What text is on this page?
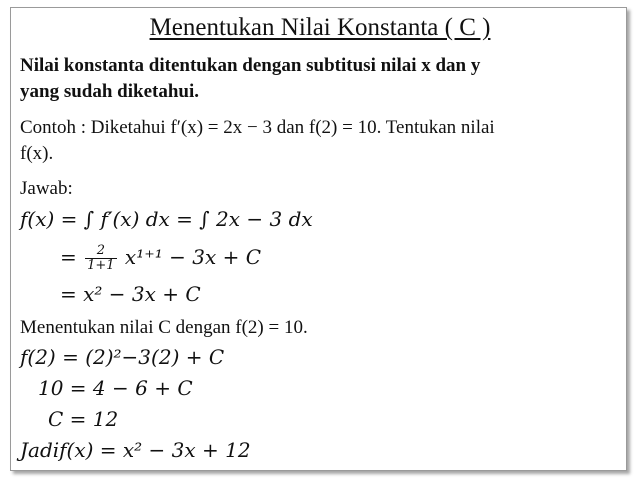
Menentukan Nilai Konstanta ( C )
Nilai konstanta ditentukan dengan subtitusi nilai x dan y
yang sudah diketahui.
Contoh : Diketahui f′(x) = 2x − 3 dan f(2) = 10. Tentukan nilai
f(x).
Jawab:
f(x) = ∫ f′(x) dx = ∫ 2x − 3 dx
= $\frac{2}{1+1} x^{1+1} - 3x + C$
= x² − 3x + C
Menentukan nilai C dengan f(2) = 10.
f(2) = (2)²−3(2) + C
10 = 4 − 6 + C
C = 12
Jadif(x) = x² − 3x + 12
